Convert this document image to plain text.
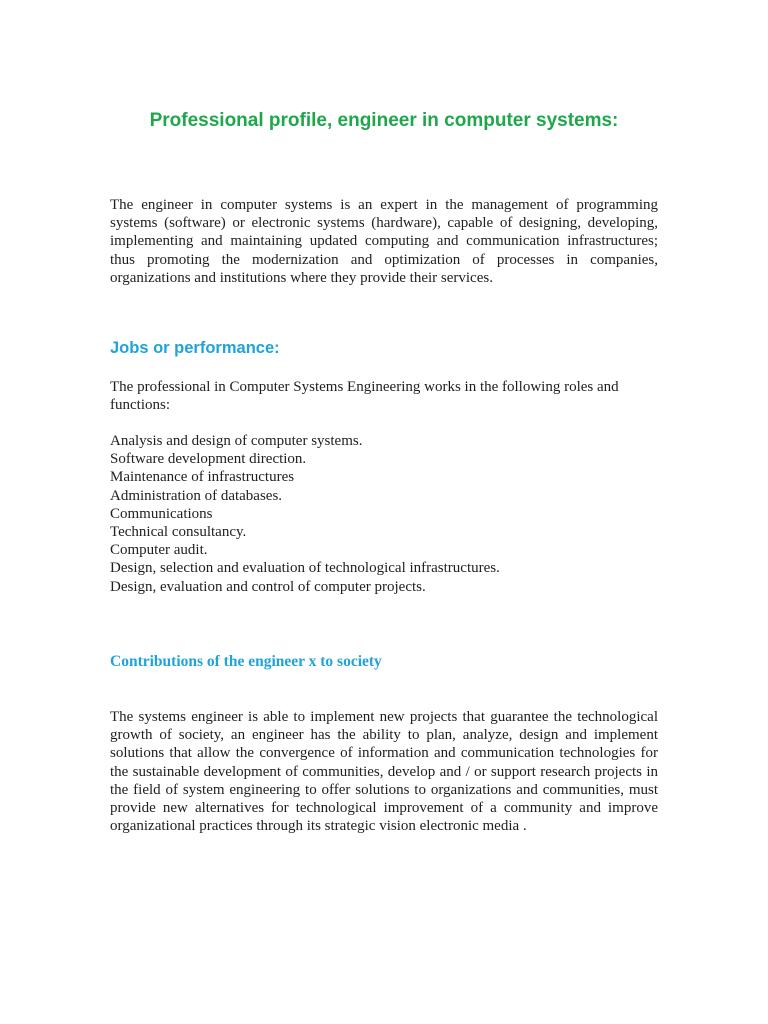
Professional profile, engineer in computer systems:

The engineer in computer systems is an expert in the management of programming systems (software) or electronic systems (hardware), capable of designing, developing, implementing and maintaining updated computing and communication infrastructures; thus promoting the modernization and optimization of processes in companies, organizations and institutions where they provide their services.

Jobs or performance:

The professional in Computer Systems Engineering works in the following roles and functions:

Analysis and design of computer systems.
Software development direction.
Maintenance of infrastructures
Administration of databases.
Communications
Technical consultancy.
Computer audit.
Design, selection and evaluation of technological infrastructures.
Design, evaluation and control of computer projects.
Contributions of the engineer x to society

The systems engineer is able to implement new projects that guarantee the technological growth of society, an engineer has the ability to plan, analyze, design and implement solutions that allow the convergence of information and communication technologies for the sustainable development of communities, develop and / or support research projects in the field of system engineering to offer solutions to organizations and communities, must provide new alternatives for technological improvement of a community and improve organizational practices through its strategic vision electronic media .
